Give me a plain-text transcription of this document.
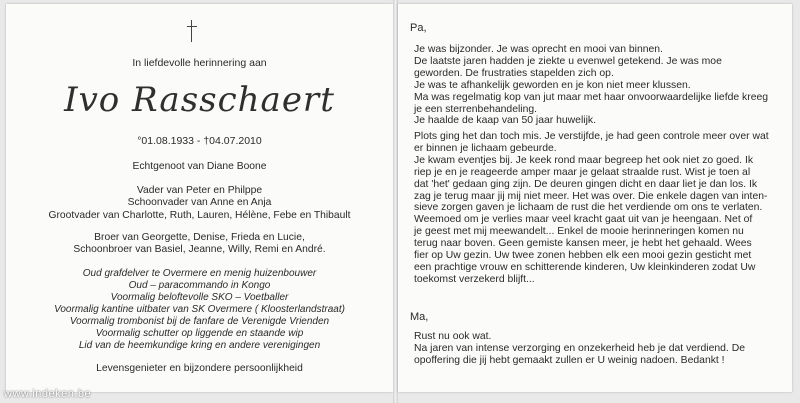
In liefdevolle herinnering aan
Ivo Rasschaert
°01.08.1933 - †04.07.2010
Echtgenoot van Diane Boone
Vader van Peter en Philppe
Schoonvader van Anne en Anja
Grootvader van Charlotte, Ruth, Lauren, Hélène, Febe en Thibault
Broer van Georgette, Denise, Frieda en Lucie,
Schoonbroer van Basiel, Jeanne, Willy, Remi en André.
Oud grafdelver te Overmere en menig huizenbouwer
Oud – paracommando in Kongo
Voormalig beloftevolle SKO – Voetballer
Voormalig kantine uitbater van SK Overmere ( Kloosterlandstraat)
Voormalig trombonist bij de fanfare de Verenigde Vrienden
Voormalig schutter op liggende en staande wip
Lid van de heemkundige kring en andere verenigingen
Levensgenieter en bijzondere persoonlijkheid
Pa,
Je was bijzonder. Je was oprecht en mooi van binnen.
De laatste jaren hadden je ziekte u evenwel getekend. Je was moe
geworden. De frustraties stapelden zich op.
Je was te afhankelijk geworden en je kon niet meer klussen.
Ma was regelmatig kop van jut maar met haar onvoorwaardelijke liefde kreeg
je een sterrenbehandeling.
Je haalde de kaap van 50 jaar huwelijk.
Plots ging het dan toch mis. Je verstijfde, je had geen controle meer over wat
er binnen je lichaam gebeurde.
Je kwam eventjes bij. Je keek rond maar begreep het ook niet zo goed. Ik
riep je en je reageerde amper maar je gelaat straalde rust. Wist je toen al
dat 'het' gedaan ging zijn. De deuren gingen dicht en daar liet je dan los. Ik
zag je terug maar jij mij niet meer. Het was over. Die enkele dagen van inten-
sieve zorgen gaven je lichaam de rust die het verdiende om ons te verlaten.
Weemoed om je verlies maar veel kracht gaat uit van je heengaan. Net of
je geest met mij meewandelt... Enkel de mooie herinneringen komen nu
terug naar boven. Geen gemiste kansen meer, je hebt het gehaald. Wees
fier op Uw gezin. Uw twee zonen hebben elk een mooi gezin gesticht met
een prachtige vrouw en schitterende kinderen, Uw kleinkinderen zodat Uw
toekomst verzekerd blijft...
Ma,
Rust nu ook wat.
Na jaren van intense verzorging en onzekerheid heb je dat verdiend. De
opoffering die jij hebt gemaakt zullen er U weinig nadoen. Bedankt !
www.indeken.be
